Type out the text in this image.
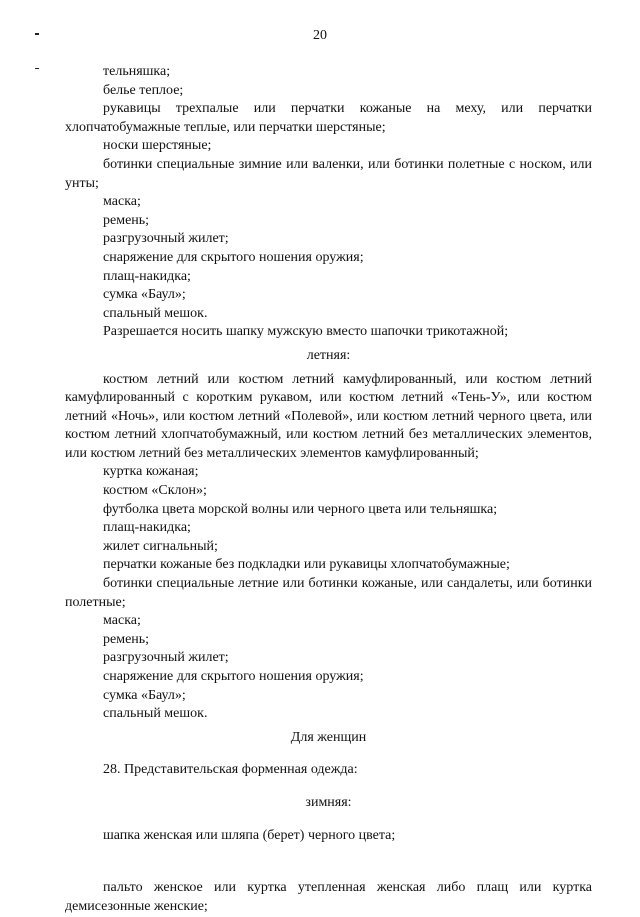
20

тельняшка;

белье теплое;

рукавицы трехпалые или перчатки кожаные на меху, или перчатки хлопчатобумажные теплые, или перчатки шерстяные;

носки шерстяные;

ботинки специальные зимние или валенки, или ботинки полетные с носком, или унты;

маска;

ремень;

разгрузочный жилет;

снаряжение для скрытого ношения оружия;

плащ-накидка;

сумка «Баул»;

спальный мешок.

Разрешается носить шапку мужскую вместо шапочки трикотажной;

летняя:

костюм летний или костюм летний камуфлированный, или костюм летний камуфлированный с коротким рукавом, или костюм летний «Тень-У», или костюм летний «Ночь», или костюм летний «Полевой», или костюм летний черного цвета, или костюм летний хлопчатобумажный, или костюм летний без металлических элементов, или костюм летний без металлических элементов камуфлированный;

куртка кожаная;

костюм «Склон»;

футболка цвета морской волны или черного цвета или тельняшка;

плащ-накидка;

жилет сигнальный;

перчатки кожаные без подкладки или рукавицы хлопчатобумажные;

ботинки специальные летние или ботинки кожаные, или сандалеты, или ботинки полетные;

маска;

ремень;

разгрузочный жилет;

снаряжение для скрытого ношения оружия;

сумка «Баул»;

спальный мешок.

Для женщин

28. Представительская форменная одежда:

зимняя:

шапка женская или шляпа (берет) черного цвета;

пальто женское или куртка утепленная женская либо плащ или куртка демисезонные женские;
